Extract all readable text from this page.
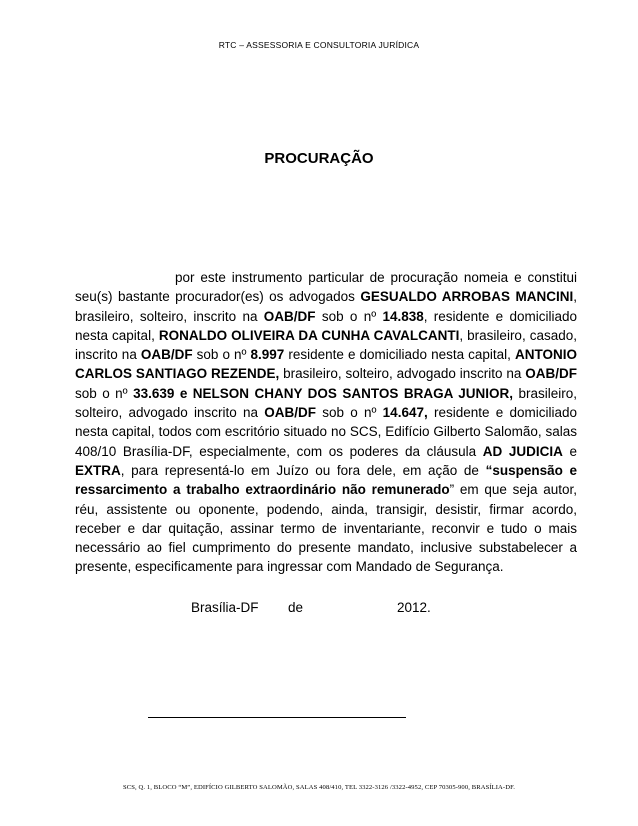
RTC – ASSESSORIA E CONSULTORIA JURÍDICA
PROCURAÇÃO

por este instrumento particular de procuração nomeia e constitui seu(s) bastante procurador(es) os advogados GESUALDO ARROBAS MANCINI, brasileiro, solteiro, inscrito na OAB/DF sob o nº 14.838, residente e domiciliado nesta capital, RONALDO OLIVEIRA DA CUNHA CAVALCANTI, brasileiro, casado, inscrito na OAB/DF sob o nº 8.997 residente e domiciliado nesta capital, ANTONIO CARLOS SANTIAGO REZENDE, brasileiro, solteiro, advogado inscrito na OAB/DF sob o nº 33.639 e NELSON CHANY DOS SANTOS BRAGA JUNIOR, brasileiro, solteiro, advogado inscrito na OAB/DF sob o nº 14.647, residente e domiciliado nesta capital, todos com escritório situado no SCS, Edifício Gilberto Salomão, salas 408/10 Brasília-DF, especialmente, com os poderes da cláusula AD JUDICIA e EXTRA, para representá-lo em Juízo ou fora dele, em ação de “suspensão e ressarcimento a trabalho extraordinário não remunerado” em que seja autor, réu, assistente ou oponente, podendo, ainda, transigir, desistir, firmar acordo, receber e dar quitação, assinar termo de inventariante, reconvir e tudo o mais necessário ao fiel cumprimento do presente mandato, inclusive substabelecer a presente, especificamente para ingressar com Mandado de Segurança.

Brasília-DF de	2012.
SCS, Q. 1, BLOCO “M”, EDIFÍCIO GILBERTO SALOMÃO, SALAS 408/410, TEL 3322-3126 /3322-4952, CEP 70305-900, BRASÍLIA-DF.
